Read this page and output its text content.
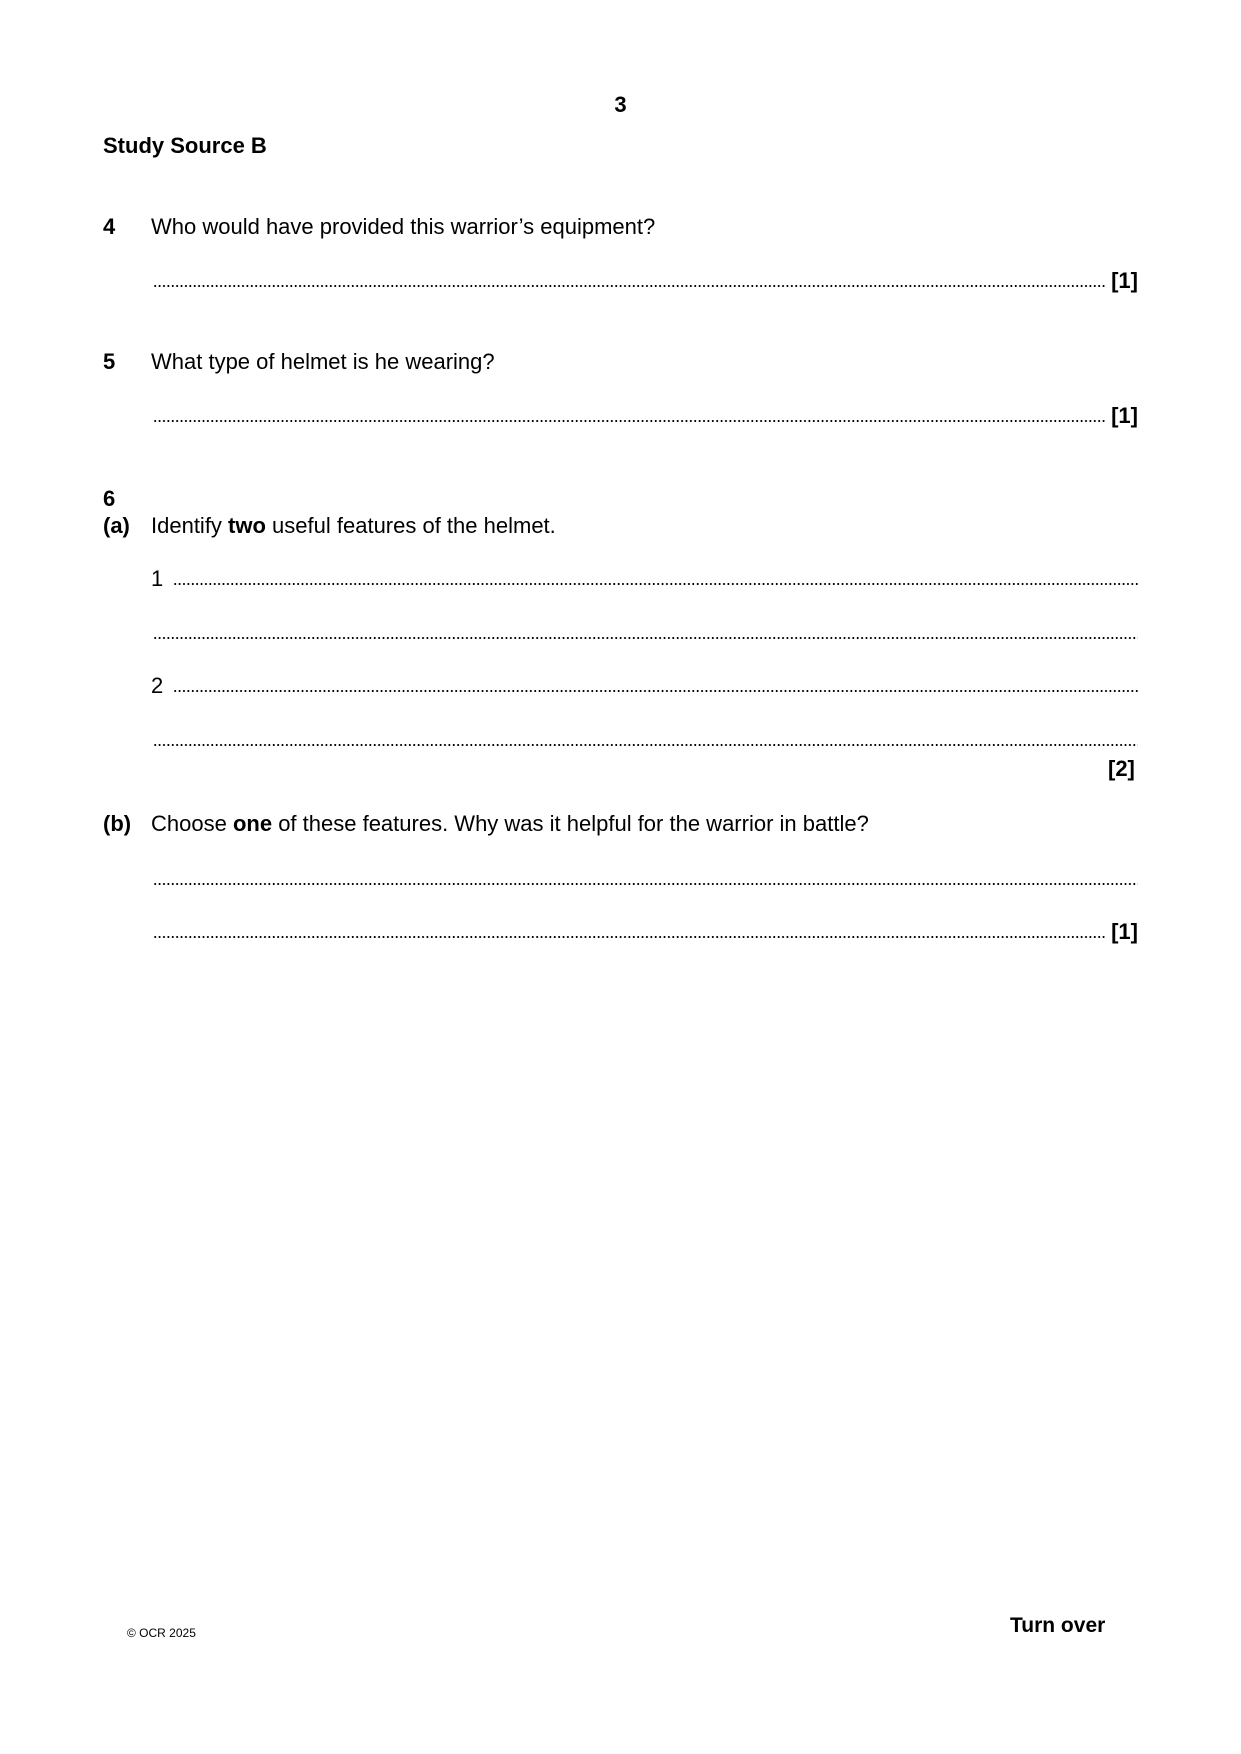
3
Study Source B
4 Who would have provided this warrior’s equipment?
[1]
5 What type of helmet is he wearing?
[1]
6
(a) Identify two useful features of the helmet.
1
2
[2]
(b) Choose one of these features. Why was it helpful for the warrior in battle?
[1]
© OCR 2025	Turn over
